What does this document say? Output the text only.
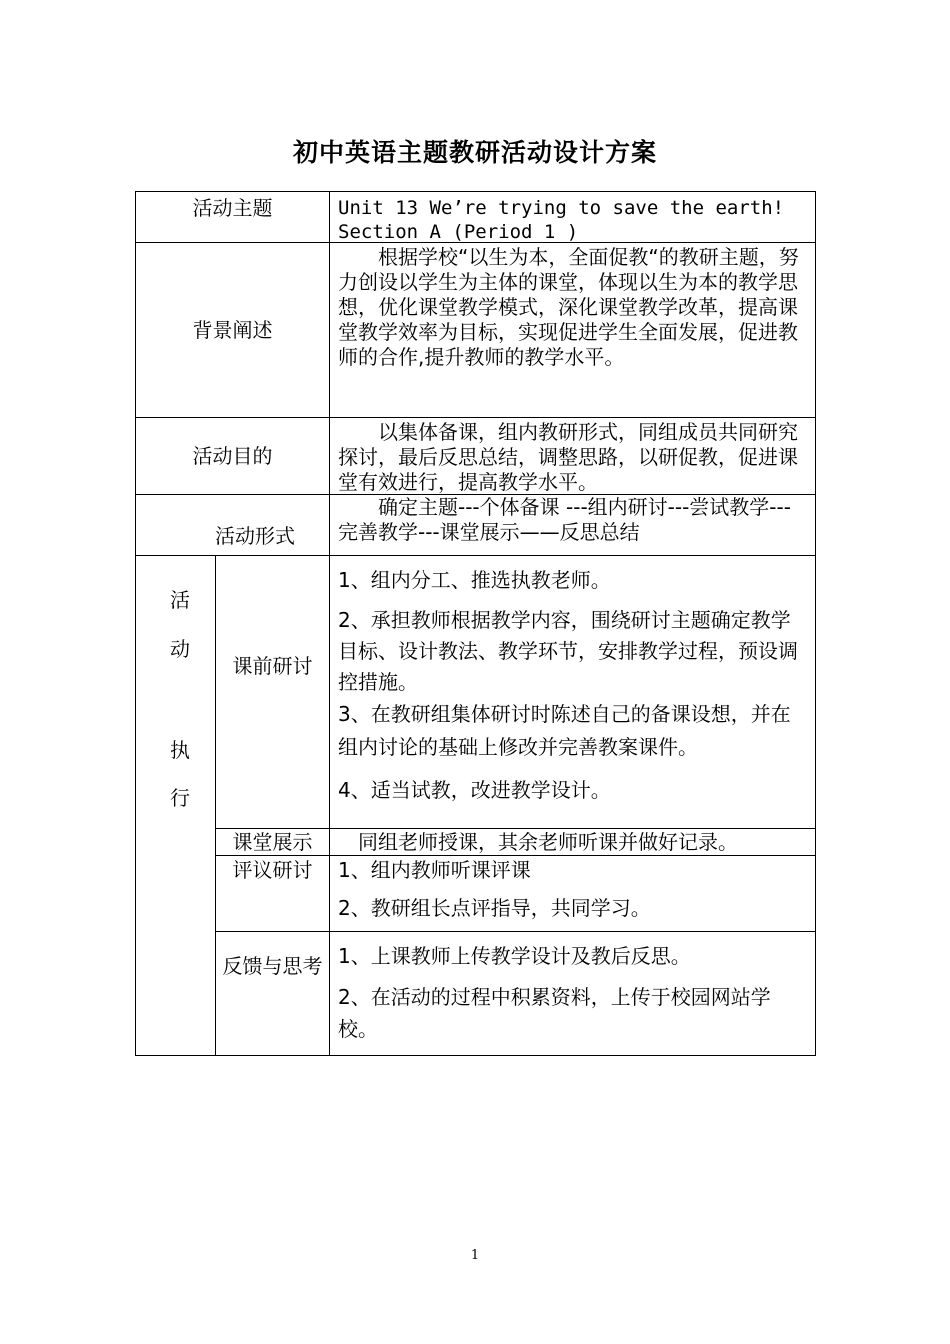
初中英语主题教研活动设计方案
活动主题	Unit 13 We’re trying to save the earth!
Section A (Period 1 )
背景阐述

　　根据学校“以生为本，全面促教“的教研主题，努力创设以学生为主体的课堂，体现以生为本的教学思想，优化课堂教学模式，深化课堂教学改革，提高课堂教学效率为目标，实现促进学生全面发展，促进教师的合作,提升教师的教学水平。

活动目的

　　以集体备课，组内教研形式，同组成员共同研究探讨，最后反思总结，调整思路，以研促教，促进课堂有效进行，提高教学水平。

活动形式

　　确定主题---个体备课 ---组内研讨---尝试教学---完善教学---课堂展示——反思总结

活
动
执
行
课前研讨

1、组内分工、推选执教老师。

2、承担教师根据教学内容，围绕研讨主题确定教学目标、设计教法、教学环节，安排教学过程，预设调控措施。

3、在教研组集体研讨时陈述自己的备课设想，并在组内讨论的基础上修改并完善教案课件。

4、适当试教，改进教学设计。

课堂展示	　同组老师授课，其余老师听课并做好记录。
评议研讨 1、组内教师听课评课

2、教研组长点评指导，共同学习。

反馈与思考 1、上课教师上传教学设计及教后反思。

2、在活动的过程中积累资料，上传于校园网站学校。

1
